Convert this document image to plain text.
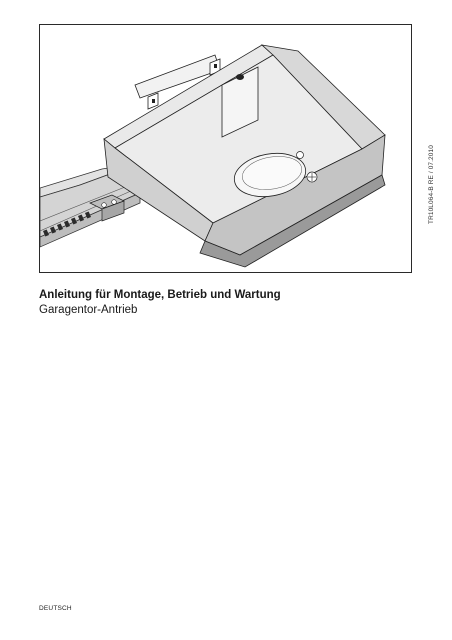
TR10L064-B RE / 07.2010
Anleitung für Montage, Betrieb und Wartung

Garagentor-Antrieb

DEUTSCH
